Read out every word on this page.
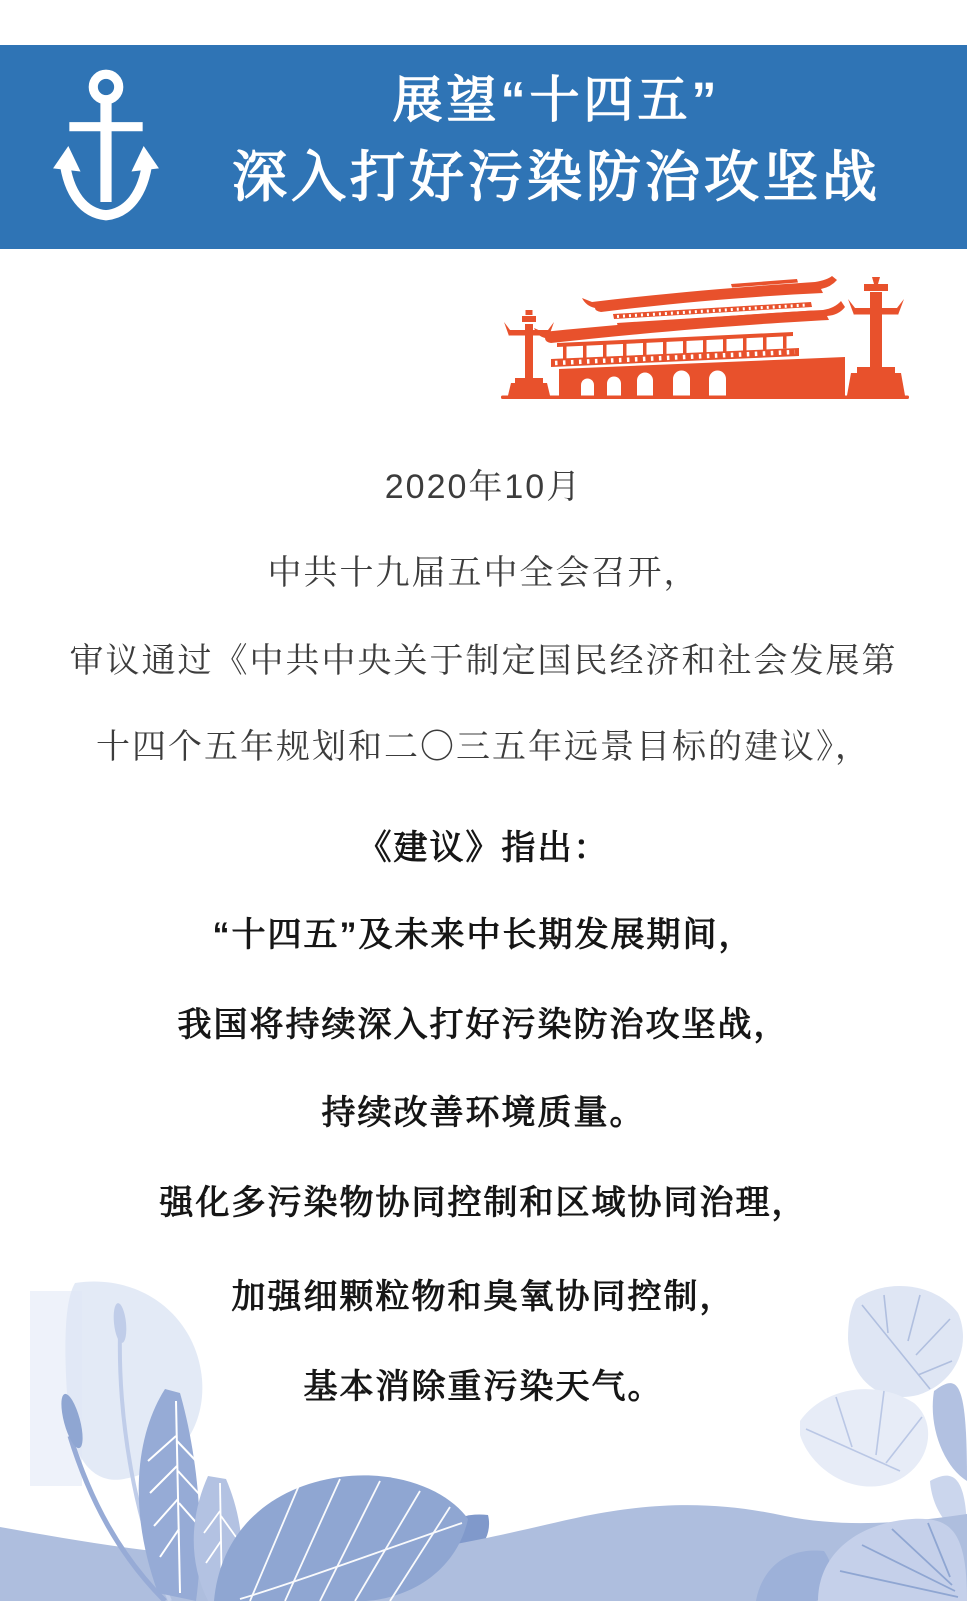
展望“十四五”
深入打好污染防治攻坚战
2020年10月
中共十九届五中全会召开，
审议通过《中共中央关于制定国民经济和社会发展第
十四个五年规划和二〇三五年远景目标的建议》，
《建议》指出：
“十四五”及未来中长期发展期间，
我国将持续深入打好污染防治攻坚战，
持续改善环境质量。
强化多污染物协同控制和区域协同治理，
加强细颗粒物和臭氧协同控制，
基本消除重污染天气。
